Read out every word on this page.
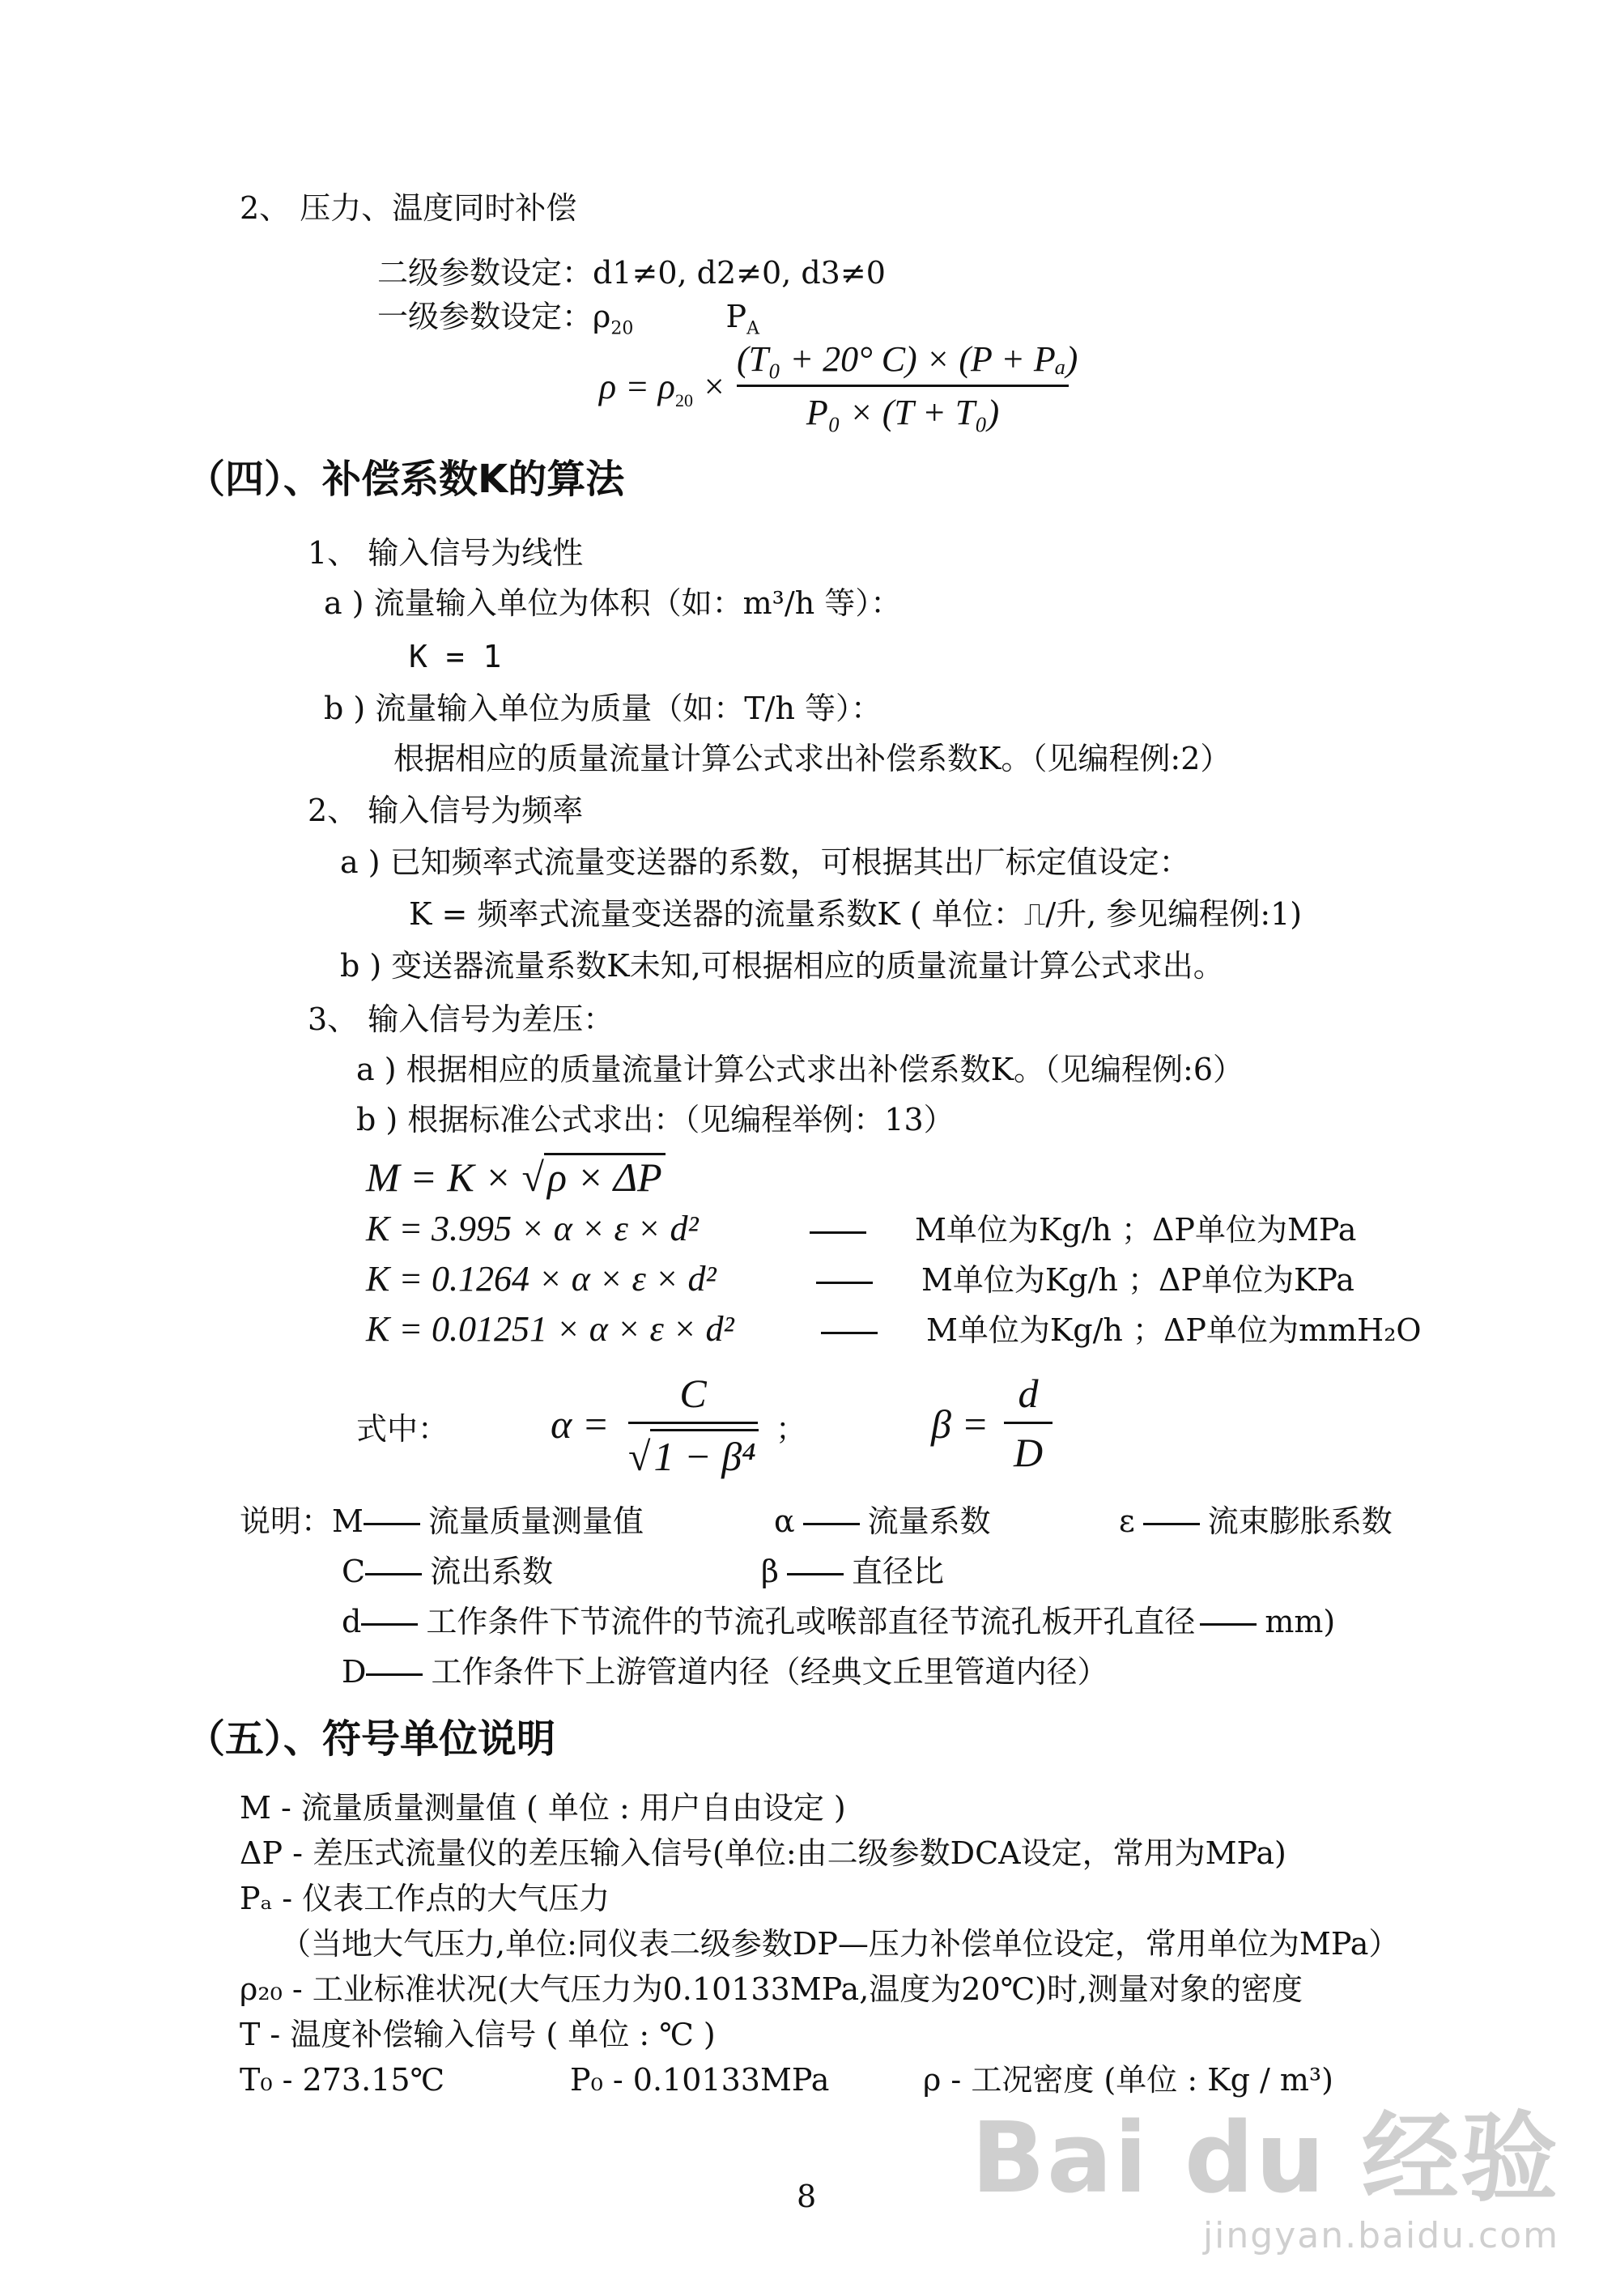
2、 压力、温度同时补偿
二级参数设定：d1≠0, d2≠0, d3≠0
一级参数设定：$\rho_{20}$	$P_A$
$\rho = \rho_{20}$ ×
(T₀ + 20° C) × (P + Pₐ)
P₀ × (T + T₀)
（四）、补偿系数K的算法
1、 输入信号为线性
a ) 流量输入单位为体积（如：m³/h 等）：
K = 1
b ) 流量输入单位为质量（如：T/h 等）：
根据相应的质量流量计算公式求出补偿系数K。（见编程例:2）
2、 输入信号为频率
a ) 已知频率式流量变送器的系数，可根据其出厂标定值设定：
K = 频率式流量变送器的流量系数K ( 单位：⎍/升, 参见编程例:1)
b ) 变送器流量系数K未知,可根据相应的质量流量计算公式求出。
3、 输入信号为差压：
a ) 根据相应的质量流量计算公式求出补偿系数K。（见编程例:6）
b ) 根据标准公式求出：（见编程举例：13）
M = K × √ρ × ΔP
K = 3.995 × α × ε × d²	M单位为Kg/h ；ΔP单位为MPa
K = 0.1264 × α × ε × d²	M单位为Kg/h ；ΔP单位为KPa
K = 0.01251 × α × ε × d²	M单位为Kg/h ；ΔP单位为mmH₂O
式中：	α =
C
√1 − β⁴
；	β =
d
D
说明：M 流量质量测量值	α 流量系数	ε 流束膨胀系数
C 流出系数	β 直径比
d 工作条件下节流件的节流孔或喉部直径节流孔板开孔直径 mm)
D 工作条件下上游管道内径（经典文丘里管道内径）
（五）、符号单位说明
M - 流量质量测量值 ( 单位 : 用户自由设定 )
ΔP - 差压式流量仪的差压输入信号(单位:由二级参数DCA设定，常用为MPa)
Pₐ - 仪表工作点的大气压力
（当地大气压力,单位:同仪表二级参数DP—压力补偿单位设定，常用单位为MPa）
ρ₂₀ - 工业标准状况(大气压力为0.10133MPa,温度为20℃)时,测量对象的密度
T - 温度补偿输入信号 ( 单位 : ℃ )
T₀ - 273.15℃	P₀ - 0.10133MPa	ρ - 工况密度 (单位 : Kg / m³)
8 Bai du 经验
jingyan.baidu.com
